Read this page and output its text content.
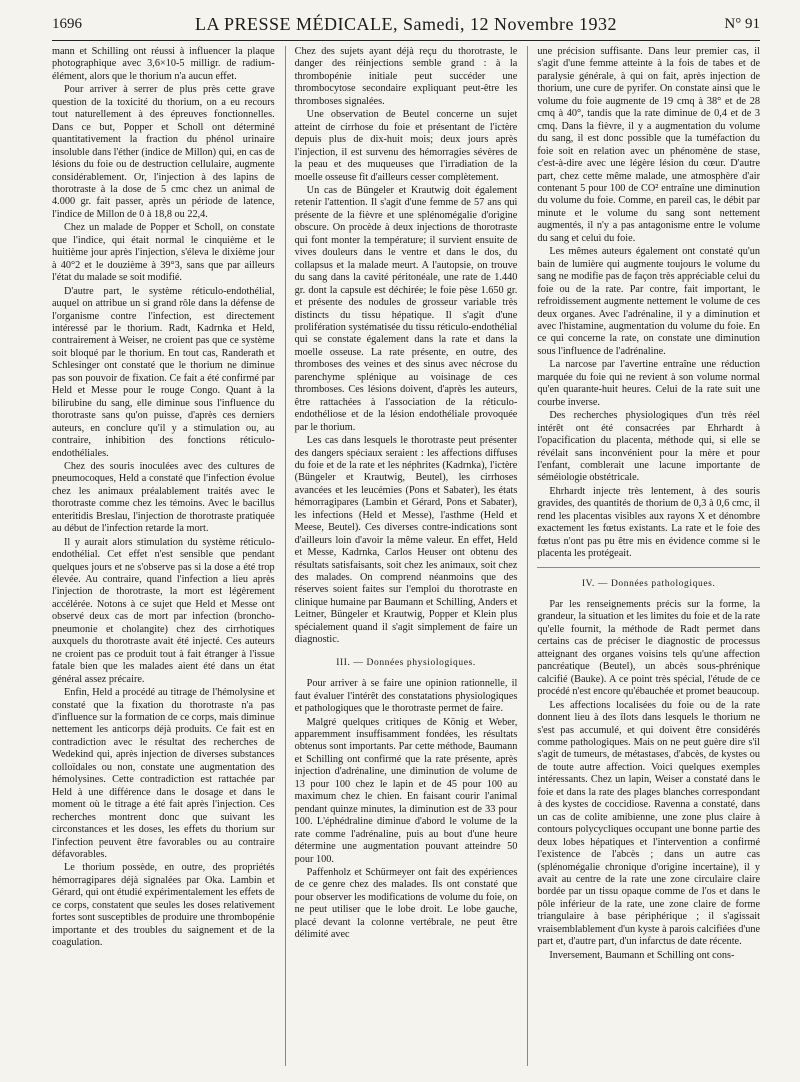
1696	LA PRESSE MÉDICALE, Samedi, 12 Novembre 1932	N° 91

mann et Schilling ont réussi à influencer la plaque photographique avec 3,6×10-5 milligr. de radium-élément, alors que le thorium n'a aucun effet.

Pour arriver à serrer de plus près cette grave question de la toxicité du thorium, on a eu recours tout naturellement à des épreuves fonctionnelles. Dans ce but, Popper et Scholl ont déterminé quantitativement la fraction du phénol urinaire insoluble dans l'éther (indice de Millon) qui, en cas de lésions du foie ou de destruction cellulaire, augmente considérablement. Or, l'injection à des lapins de thorotraste à la dose de 5 cmc chez un animal de 4.000 gr. fait passer, après un période de latence, l'indice de Millon de 0 à 18,8 ou 22,4.

Chez un malade de Popper et Scholl, on constate que l'indice, qui était normal le cinquième et le huitième jour après l'injection, s'éleva le dixième jour à 40°2 et le douzième à 39°3, sans que par ailleurs l'état du malade se soit modifié.

D'autre part, le système réticulo-endothélial, auquel on attribue un si grand rôle dans la défense de l'organisme contre l'infection, est directement intéressé par le thorium. Radt, Kadrnka et Held, contrairement à Weiser, ne croient pas que ce système soit bloqué par le thorium. En tout cas, Randerath et Schlesinger ont constaté que le thorium ne diminue pas son pouvoir de fixation. Ce fait a été confirmé par Held et Messe pour le rouge Congo. Quant à la bilirubine du sang, elle diminue sous l'influence du thorotraste sans qu'on puisse, d'après ces derniers auteurs, en conclure qu'il y a stimulation ou, au contraire, inhibition des fonctions réticulo-endothéliales.

Chez des souris inoculées avec des cultures de pneumocoques, Held a constaté que l'infection évolue chez les animaux préalablement traités avec le thorotraste comme chez les témoins. Avec le bacillus enteritidis Breslau, l'injection de thorotraste pratiquée au début de l'infection retarde la mort.

Il y aurait alors stimulation du système réticulo-endothélial. Cet effet n'est sensible que pendant quelques jours et ne s'observe pas si la dose a été trop élevée. Au contraire, quand l'infection a lieu après l'injection de thorotraste, la mort est légèrement accélérée. Notons à ce sujet que Held et Messe ont observé deux cas de mort par infection (broncho-pneumonie et cholangite) chez des cirrhotiques auxquels du thorotraste avait été injecté. Ces auteurs ne croient pas ce produit tout à fait étranger à l'issue fatale bien que les malades aient été dans un état général assez précaire.

Enfin, Held a procédé au titrage de l'hémolysine et constaté que la fixation du thorotraste n'a pas d'influence sur la formation de ce corps, mais diminue nettement les anticorps déjà produits. Ce fait est en contradiction avec le résultat des recherches de Wedekind qui, après injection de diverses substances colloïdales ou non, constate une augmentation des hémolysines. Cette contradiction est rattachée par Held à une différence dans le dosage et dans le moment où le titrage a été fait après l'injection. Ces recherches montrent donc que suivant les circonstances et les doses, les effets du thorium sur l'infection peuvent être favorables ou au contraire défavorables.

Le thorium possède, en outre, des propriétés hémorragipares déjà signalées par Oka. Lambin et Gérard, qui ont étudié expérimentalement les effets de ce corps, constatent que seules les doses relativement fortes sont susceptibles de produire une thrombopénie importante et des troubles du saignement et de la coagulation.

Chez des sujets ayant déjà reçu du thorotraste, le danger des réinjections semble grand : à la thrombopénie initiale peut succéder une thrombocytose secondaire expliquant peut-être les thromboses signalées.

Une observation de Beutel concerne un sujet atteint de cirrhose du foie et présentant de l'ictère depuis plus de dix-huit mois; deux jours après l'injection, il est survenu des hémorragies sévères de la peau et des muqueuses que l'irradiation de la moelle osseuse fit d'ailleurs cesser complètement.

Un cas de Büngeler et Krautwig doit également retenir l'attention. Il s'agit d'une femme de 57 ans qui présente de la fièvre et une splénomégalie d'origine obscure. On procède à deux injections de thorotraste qui font monter la température; il survient ensuite de vives douleurs dans le ventre et dans le dos, du collapsus et la malade meurt. A l'autopsie, on trouve du sang dans la cavité péritonéale, une rate de 1.440 gr. dont la capsule est déchirée; le foie pèse 1.650 gr. et présente des nodules de grosseur variable très distincts du tissu hépatique. Il s'agit d'une prolifération systématisée du tissu réticulo-endothélial qui se constate également dans la rate et dans la moelle osseuse. La rate présente, en outre, des thromboses des veines et des sinus avec nécrose du parenchyme splénique au voisinage de ces thromboses. Ces lésions doivent, d'après les auteurs, être rattachées à l'association de la réticulo-endothéliose et de la lésion endothéliale provoquée par le thorium.

Les cas dans lesquels le thorotraste peut présenter des dangers spéciaux seraient : les affections diffuses du foie et de la rate et les néphrites (Kadrnka), l'ictère (Büngeler et Krautwig, Beutel), les cirrhoses avancées et les leucémies (Pons et Sabater), les états hémorragipares (Lambin et Gérard, Pons et Sabater), les infections (Held et Messe), l'asthme (Held et Meese, Beutel). Ces diverses contre-indications sont d'ailleurs loin d'avoir la même valeur. En effet, Held et Messe, Kadrnka, Carlos Heuser ont obtenu des résultats satisfaisants, soit chez les animaux, soit chez des malades. On comprend néanmoins que des réserves soient faites sur l'emploi du thorotraste en clinique humaine par Baumann et Schilling, Anders et Leitner, Büngeler et Krautwig, Popper et Klein plus spécialement quand il s'agit simplement de faire un diagnostic.

III. — Données physiologiques.

Pour arriver à se faire une opinion rationnelle, il faut évaluer l'intérêt des constatations physiologiques et pathologiques que le thorotraste permet de faire.

Malgré quelques critiques de König et Weber, apparemment insuffisamment fondées, les résultats obtenus sont importants. Par cette méthode, Baumann et Schilling ont confirmé que la rate présente, après injection d'adrénaline, une diminution de volume de 13 pour 100 chez le lapin et de 45 pour 100 au maximum chez le chien. En faisant courir l'animal pendant quinze minutes, la diminution est de 33 pour 100. L'éphédraline diminue d'abord le volume de la rate comme l'adrénaline, puis au bout d'une heure détermine une augmentation pouvant atteindre 50 pour 100.

Paffenholz et Schürmeyer ont fait des expériences de ce genre chez des malades. Ils ont constaté que pour observer les modifications de volume du foie, on ne peut utiliser que le lobe droit. Le lobe gauche, placé devant la colonne vertébrale, ne peut être délimité avec

une précision suffisante. Dans leur premier cas, il s'agit d'une femme atteinte à la fois de tabes et de paralysie générale, à qui on fait, après injection de thorium, une cure de pyrifer. On constate ainsi que le volume du foie augmente de 19 cmq à 38° et de 28 cmq à 40°, tandis que la rate diminue de 0,4 et de 3 cmq. Dans la fièvre, il y a augmentation du volume du sang, il est donc possible que la tuméfaction du foie soit en relation avec un phénomène de stase, c'est-à-dire avec une légère lésion du cœur. D'autre part, chez cette même malade, une atmosphère d'air contenant 5 pour 100 de CO² entraîne une diminution du volume du foie. Comme, en pareil cas, le débit par minute et le volume du sang sont nettement augmentés, il n'y a pas antagonisme entre le volume du sang et celui du foie.

Les mêmes auteurs également ont constaté qu'un bain de lumière qui augmente toujours le volume du sang ne modifie pas de façon très appréciable celui du foie ou de la rate. Par contre, fait important, le refroidissement augmente nettement le volume de ces deux organes. Avec l'adrénaline, il y a diminution et avec l'histamine, augmentation du volume du foie. En ce qui concerne la rate, on constate une diminution sous l'influence de l'adrénaline.

La narcose par l'avertine entraîne une réduction marquée du foie qui ne revient à son volume normal qu'en quarante-huit heures. Celui de la rate suit une courbe inverse.

Des recherches physiologiques d'un très réel intérêt ont été consacrées par Ehrhardt à l'opacification du placenta, méthode qui, si elle se révélait sans inconvénient pour la mère et pour l'enfant, comblerait une lacune importante de séméiologie obstétricale.

Ehrhardt injecte très lentement, à des souris gravides, des quantités de thorium de 0,3 à 0,6 cmc, il rend les placentas visibles aux rayons X et dénombre exactement les fœtus existants. La rate et le foie des fœtus n'ont pas pu être mis en évidence comme si le placenta les protégeait.

IV. — Données pathologiques.

Par les renseignements précis sur la forme, la grandeur, la situation et les limites du foie et de la rate qu'elle fournit, la méthode de Radt permet dans certains cas de préciser le diagnostic de processus atteignant des organes voisins tels qu'une affection pancréatique (Beutel), un abcès sous-phrénique calcifié (Bauke). A ce point très spécial, l'étude de ce procédé n'est encore qu'ébauchée et promet beaucoup.

Les affections localisées du foie ou de la rate donnent lieu à des îlots dans lesquels le thorium ne s'est pas accumulé, et qui doivent être considérés comme pathologiques. Mais on ne peut guère dire s'il s'agit de tumeurs, de métastases, d'abcès, de kystes ou de toute autre affection. Voici quelques exemples intéressants. Chez un lapin, Weiser a constaté dans le foie et dans la rate des plages blanches correspondant à des kystes de coccidiose. Ravenna a constaté, dans un cas de colite amibienne, une zone plus claire à contours polycycliques occupant une bonne partie des deux lobes hépatiques et l'intervention a confirmé l'existence de l'abcès ; dans un autre cas (splénomégalie chronique d'origine incertaine), il y avait au centre de la rate une zone circulaire claire bordée par un tissu opaque comme de l'os et dans le pôle inférieur de la rate, une zone claire de forme triangulaire à base périphérique ; il s'agissait vraisemblablement d'un kyste à parois calcifiées d'une part et, d'autre part, d'un infarctus de date récente.

Inversement, Baumann et Schilling ont cons-
